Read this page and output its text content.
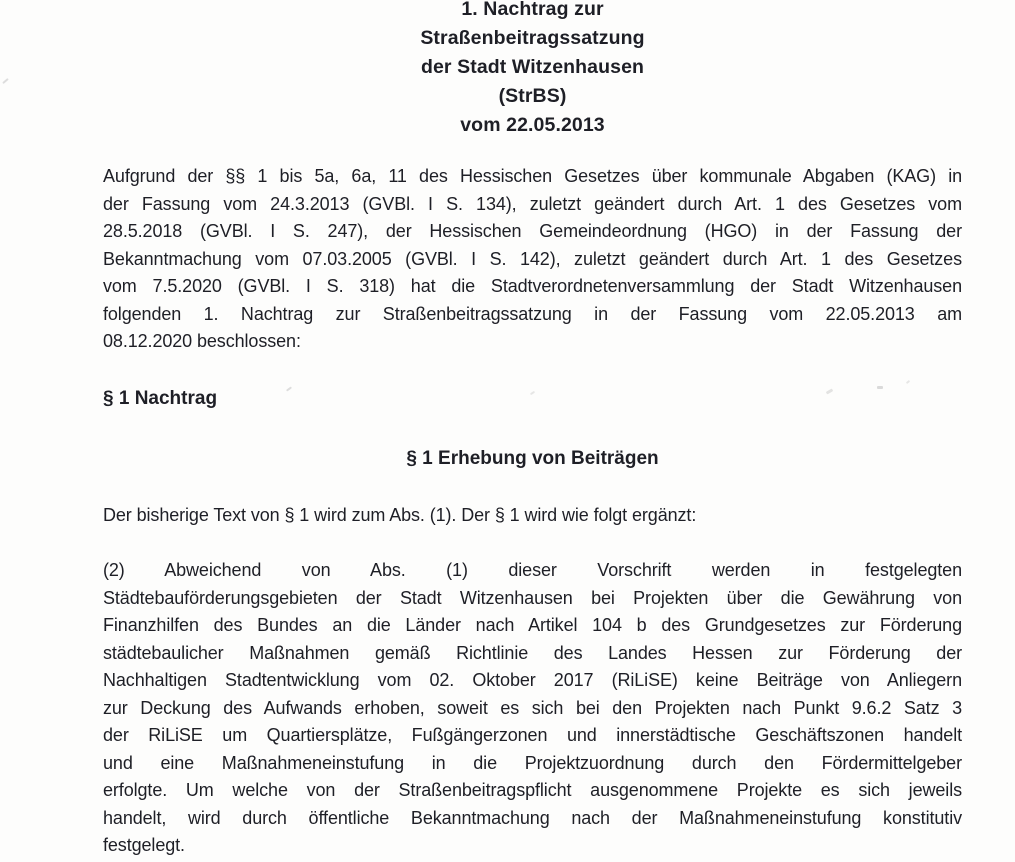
1. Nachtrag zur
Straßenbeitragssatzung
der Stadt Witzenhausen
(StrBS)
vom 22.05.2013
Aufgrund der §§ 1 bis 5a, 6a, 11 des Hessischen Gesetzes über kommunale Abgaben (KAG) in
der Fassung vom 24.3.2013 (GVBl. I S. 134), zuletzt geändert durch Art. 1 des Gesetzes vom
28.5.2018 (GVBl. I S. 247), der Hessischen Gemeindeordnung (HGO) in der Fassung der
Bekanntmachung vom 07.03.2005 (GVBl. I S. 142), zuletzt geändert durch Art. 1 des Gesetzes
vom 7.5.2020 (GVBl. I S. 318) hat die Stadtverordnetenversammlung der Stadt Witzenhausen
folgenden 1. Nachtrag zur Straßenbeitragssatzung in der Fassung vom 22.05.2013 am
08.12.2020 beschlossen:
§ 1 Nachtrag
§ 1 Erhebung von Beiträgen
Der bisherige Text von § 1 wird zum Abs. (1). Der § 1 wird wie folgt ergänzt:
(2) Abweichend von Abs. (1) dieser Vorschrift werden in festgelegten
Städtebauförderungsgebieten der Stadt Witzenhausen bei Projekten über die Gewährung von
Finanzhilfen des Bundes an die Länder nach Artikel 104 b des Grundgesetzes zur Förderung
städtebaulicher Maßnahmen gemäß Richtlinie des Landes Hessen zur Förderung der
Nachhaltigen Stadtentwicklung vom 02. Oktober 2017 (RiLiSE) keine Beiträge von Anliegern
zur Deckung des Aufwands erhoben, soweit es sich bei den Projekten nach Punkt 9.6.2 Satz 3
der RiLiSE um Quartiersplätze, Fußgängerzonen und innerstädtische Geschäftszonen handelt
und eine Maßnahmeneinstufung in die Projektzuordnung durch den Fördermittelgeber
erfolgte. Um welche von der Straßenbeitragspflicht ausgenommene Projekte es sich jeweils
handelt, wird durch öffentliche Bekanntmachung nach der Maßnahmeneinstufung konstitutiv
festgelegt.
